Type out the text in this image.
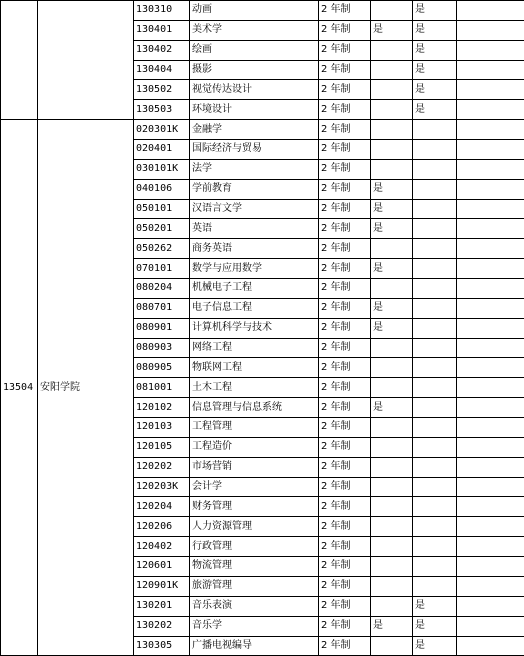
		130310	动画	2 年制		是	
		130401	美术学	2 年制	是	是	
		130402	绘画	2 年制		是	
		130404	摄影	2 年制		是	
		130502	视觉传达设计	2 年制		是	
		130503	环境设计	2 年制		是	
13504	安阳学院	020301K	金融学	2 年制			
		020401	国际经济与贸易	2 年制			
		030101K	法学	2 年制			
		040106	学前教育	2 年制	是		
		050101	汉语言文学	2 年制	是		
		050201	英语	2 年制	是		
		050262	商务英语	2 年制			
		070101	数学与应用数学	2 年制	是		
		080204	机械电子工程	2 年制			
		080701	电子信息工程	2 年制	是		
		080901	计算机科学与技术	2 年制	是		
		080903	网络工程	2 年制			
		080905	物联网工程	2 年制			
		081001	土木工程	2 年制			
		120102	信息管理与信息系统	2 年制	是		
		120103	工程管理	2 年制			
		120105	工程造价	2 年制			
		120202	市场营销	2 年制			
		120203K	会计学	2 年制			
		120204	财务管理	2 年制			
		120206	人力资源管理	2 年制			
		120402	行政管理	2 年制			
		120601	物流管理	2 年制			
		120901K	旅游管理	2 年制			
		130201	音乐表演	2 年制		是	
		130202	音乐学	2 年制	是	是	
		130305	广播电视编导	2 年制		是	
